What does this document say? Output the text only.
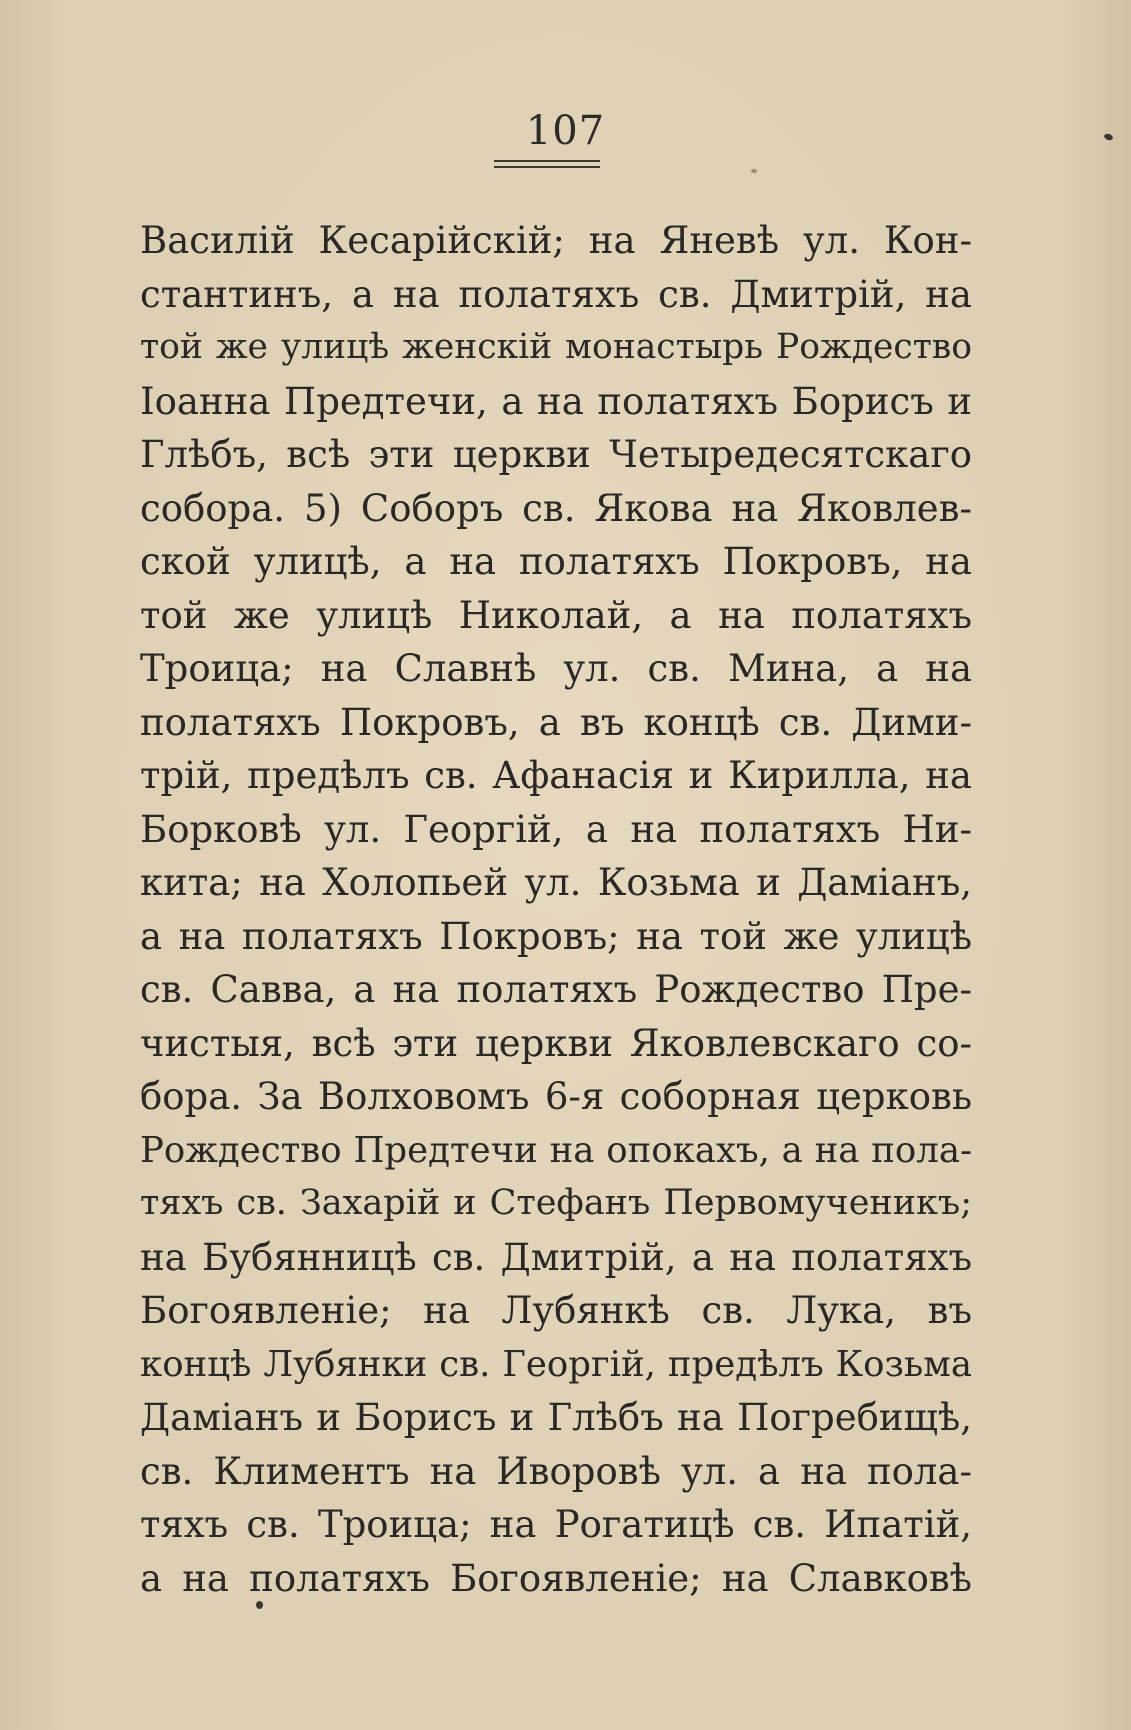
107
Василій Кесарійскій; на Яневѣ ул. Кон-
стантинъ, а на полатяхъ св. Дмитрій, на
той же улицѣ женскій монастырь Рождество
Іоанна Предтечи, а на полатяхъ Борисъ и
Глѣбъ, всѣ эти церкви Четыредесятскаго
собора. 5) Соборъ св. Якова на Яковлев-
ской улицѣ, а на полатяхъ Покровъ, на
той же улицѣ Николай, а на полатяхъ
Троица; на Славнѣ ул. св. Мина, а на
полатяхъ Покровъ, а въ концѣ св. Дими-
трій, предѣлъ св. Афанасія и Кирилла, на
Борковѣ ул. Георгій, а на полатяхъ Ни-
кита; на Холопьей ул. Козьма и Даміанъ,
а на полатяхъ Покровъ; на той же улицѣ
св. Савва, а на полатяхъ Рождество Пре-
чистыя, всѣ эти церкви Яковлевскаго со-
бора. За Волховомъ 6-я соборная церковь
Рождество Предтечи на опокахъ, а на пола-
тяхъ св. Захарій и Стефанъ Первомученикъ;
на Бубянницѣ св. Дмитрій, а на полатяхъ
Богоявленіе; на Лубянкѣ св. Лука, въ
концѣ Лубянки св. Георгій, предѣлъ Козьма
Даміанъ и Борисъ и Глѣбъ на Погребищѣ,
св. Климентъ на Иворовѣ ул. а на пола-
тяхъ св. Троица; на Рогатицѣ св. Ипатій,
а на полатяхъ Богоявленіе; на Славковѣ
